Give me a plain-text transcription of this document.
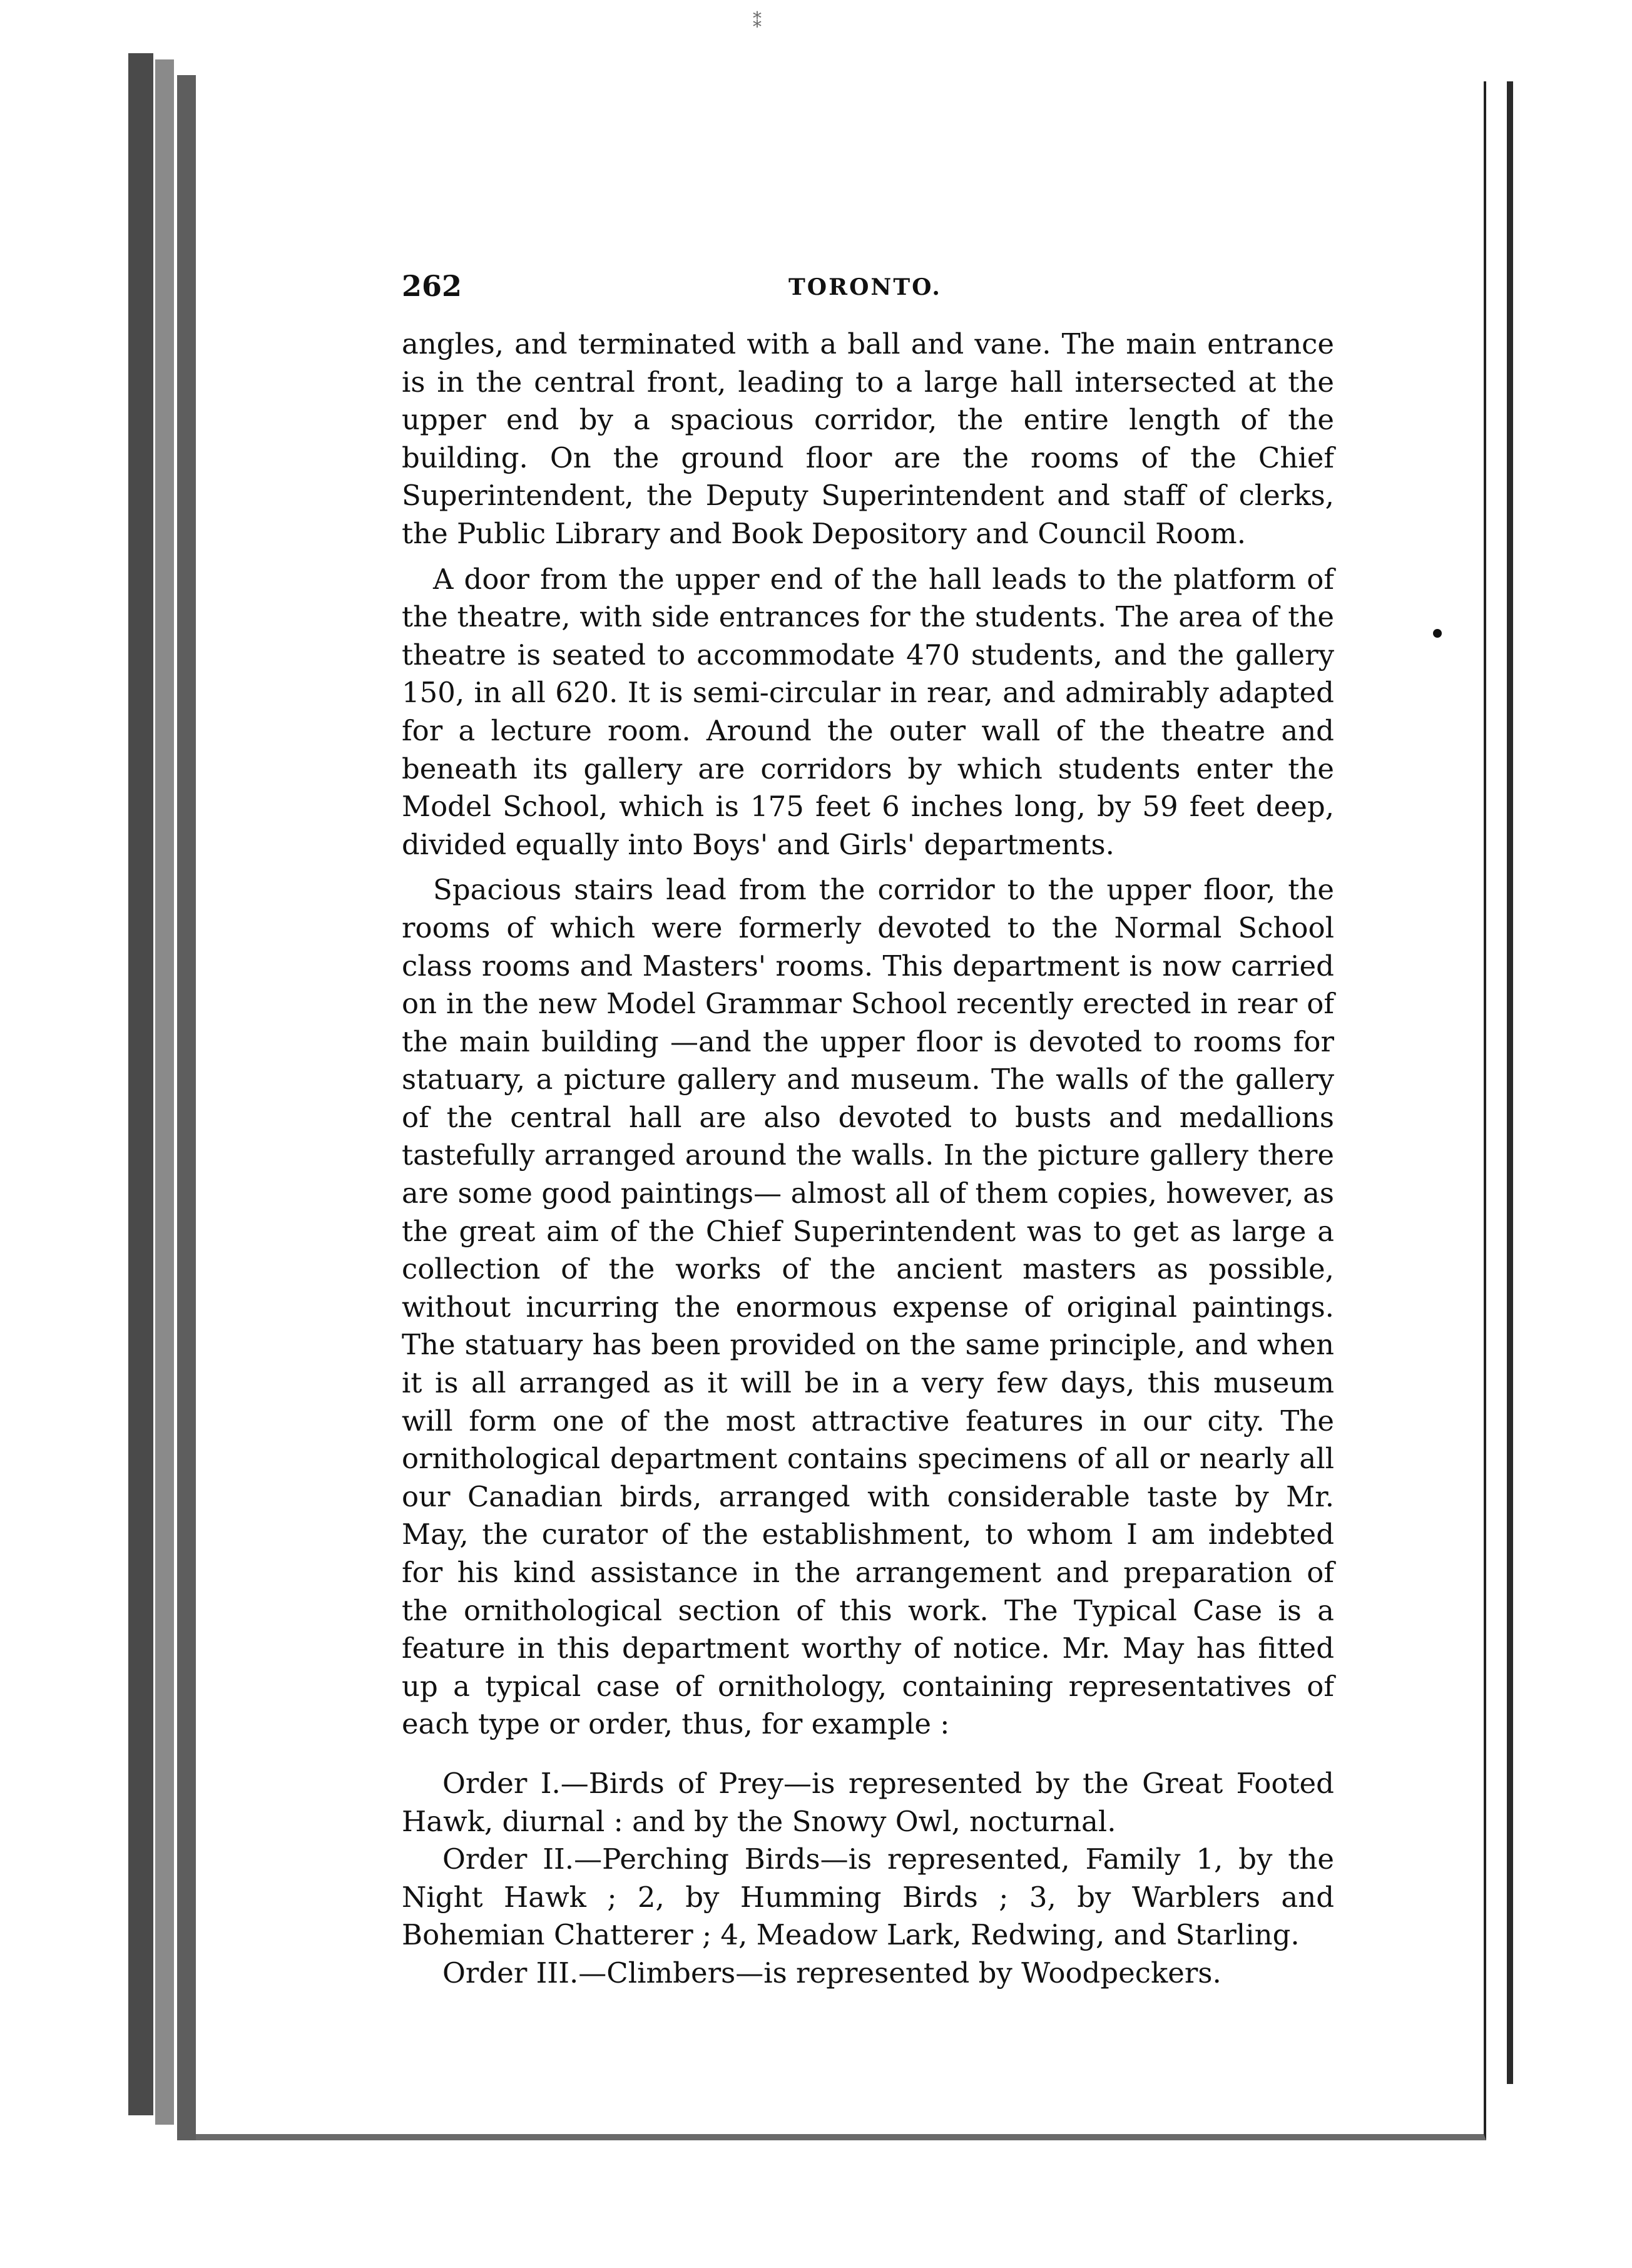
⁑
262	TORONTO.

angles, and terminated with a ball and vane. The main entrance is in the central front, leading to a large hall intersected at the upper end by a spacious corridor, the entire length of the building. On the ground floor are the rooms of the Chief Superintendent, the Deputy Superintendent and staff of clerks, the Public Library and Book Depository and Council Room.

A door from the upper end of the hall leads to the platform of the theatre, with side entrances for the students. The area of the theatre is seated to accommodate 470 students, and the gallery 150, in all 620. It is semi-circular in rear, and admirably adapted for a lecture room. Around the outer wall of the theatre and beneath its gallery are corridors by which students enter the Model School, which is 175 feet 6 inches long, by 59 feet deep, divided equally into Boys' and Girls' departments.

Spacious stairs lead from the corridor to the upper floor, the rooms of which were formerly devoted to the Normal School class rooms and Masters' rooms. This department is now carried on in the new Model Grammar School recently erected in rear of the main building —and the upper floor is devoted to rooms for statuary, a picture gallery and museum. The walls of the gallery of the central hall are also devoted to busts and medallions tastefully arranged around the walls. In the picture gallery there are some good paintings— almost all of them copies, however, as the great aim of the Chief Superintendent was to get as large a collection of the works of the ancient masters as possible, without incurring the enormous expense of original paintings. The statuary has been provided on the same principle, and when it is all arranged as it will be in a very few days, this museum will form one of the most attractive features in our city. The ornithological department contains specimens of all or nearly all our Canadian birds, arranged with considerable taste by Mr. May, the curator of the establishment, to whom I am indebted for his kind assistance in the arrangement and preparation of the ornithological section of this work. The Typical Case is a feature in this department worthy of notice. Mr. May has fitted up a typical case of ornithology, containing representatives of each type or order, thus, for example :

Order I.—Birds of Prey—is represented by the Great Footed Hawk, diurnal : and by the Snowy Owl, nocturnal.

Order II.—Perching Birds—is represented, Family 1, by the Night Hawk ; 2, by Humming Birds ; 3, by Warblers and Bohemian Chatterer ; 4, Meadow Lark, Redwing, and Starling.

Order III.—Climbers—is represented by Woodpeckers.
